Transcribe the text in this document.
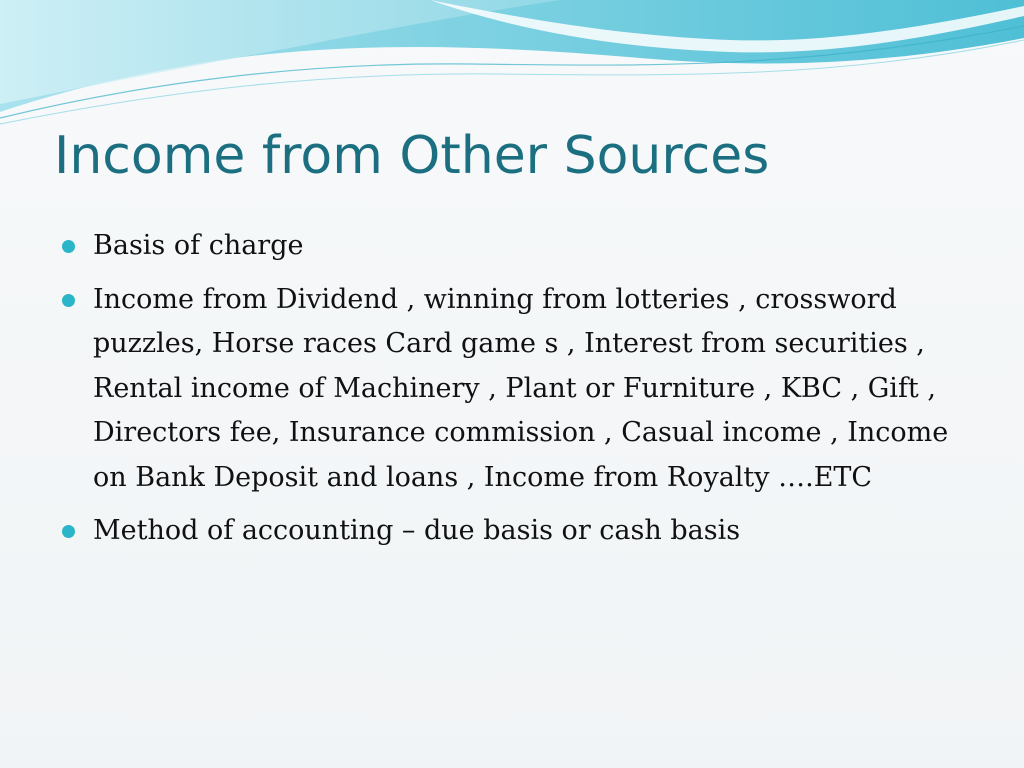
Income from Other Sources
Basis of charge
Income from Dividend , winning from lotteries , crossword puzzles, Horse races Card game s , Interest from securities , Rental income of Machinery , Plant or Furniture , KBC , Gift , Directors fee, Insurance commission , Casual income , Income on Bank Deposit and loans , Income from Royalty ….ETC
Method of accounting – due basis or cash basis
